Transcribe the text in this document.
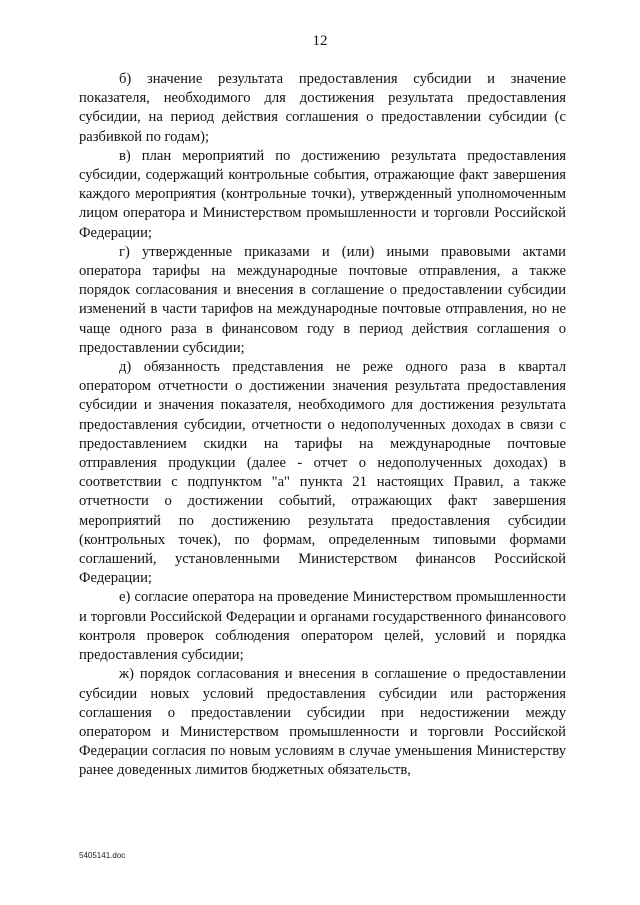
12

б) значение результата предоставления субсидии и значение показателя, необходимого для достижения результата предоставления субсидии, на период действия соглашения о предоставлении субсидии (с разбивкой по годам);

в) план мероприятий по достижению результата предоставления субсидии, содержащий контрольные события, отражающие факт завершения каждого мероприятия (контрольные точки), утвержденный уполномоченным лицом оператора и Министерством промышленности и торговли Российской Федерации;

г) утвержденные приказами и (или) иными правовыми актами оператора тарифы на международные почтовые отправления, а также порядок согласования и внесения в соглашение о предоставлении субсидии изменений в части тарифов на международные почтовые отправления, но не чаще одного раза в финансовом году в период действия соглашения о предоставлении субсидии;

д) обязанность представления не реже одного раза в квартал оператором отчетности о достижении значения результата предоставления субсидии и значения показателя, необходимого для достижения результата предоставления субсидии, отчетности о недополученных доходах в связи с предоставлением скидки на тарифы на международные почтовые отправления продукции (далее - отчет о недополученных доходах) в соответствии с подпунктом "а" пункта 21 настоящих Правил, а также отчетности о достижении событий, отражающих факт завершения мероприятий по достижению результата предоставления субсидии (контрольных точек), по формам, определенным типовыми формами соглашений, установленными Министерством финансов Российской Федерации;

е) согласие оператора на проведение Министерством промышленности и торговли Российской Федерации и органами государственного финансового контроля проверок соблюдения оператором целей, условий и порядка предоставления субсидии;

ж) порядок согласования и внесения в соглашение о предоставлении субсидии новых условий предоставления субсидии или расторжения соглашения о предоставлении субсидии при недостижении между оператором и Министерством промышленности и торговли Российской Федерации согласия по новым условиям в случае уменьшения Министерству ранее доведенных лимитов бюджетных обязательств,

5405141.doc
